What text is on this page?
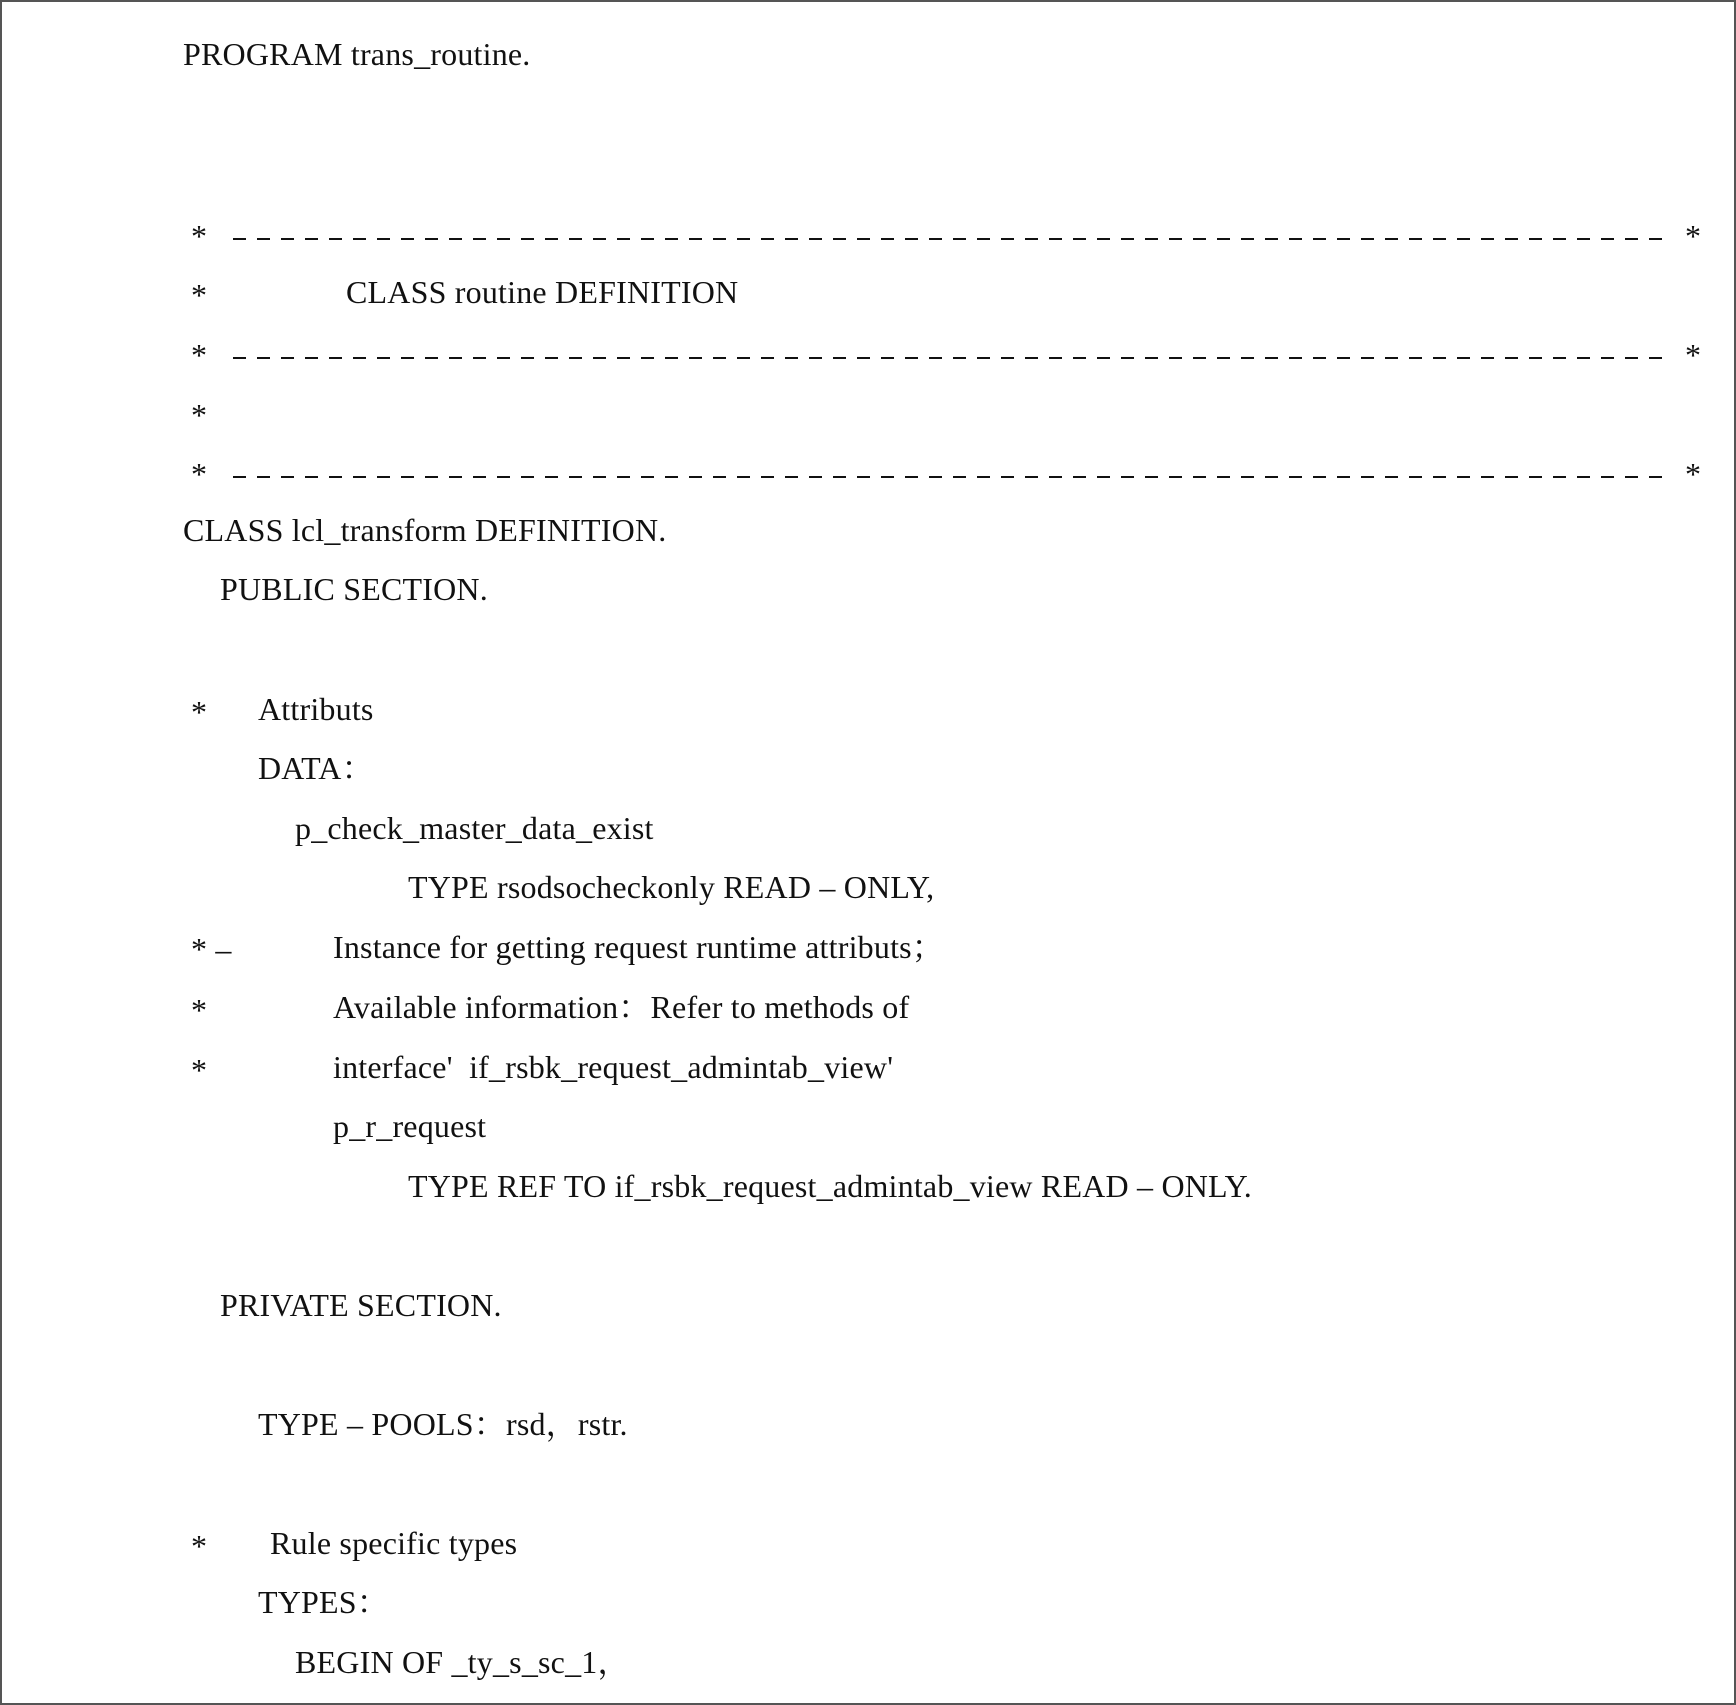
PROGRAM trans_routine.
*	*
*	CLASS routine DEFINITION
*	*
*
*	*
CLASS lcl_transform DEFINITION.
PUBLIC SECTION.
* Attributs
DATA：
p_check_master_data_exist
TYPE rsodsocheckonly READ – ONLY,
* –	Instance for getting request runtime attributs；
*	Available information：Refer to methods of
*	interface'  if_rsbk_request_admintab_view'
p_r_request
TYPE REF TO if_rsbk_request_admintab_view READ – ONLY.
PRIVATE SECTION.
TYPE – POOLS：rsd，rstr.
* Rule specific types
TYPES：
BEGIN OF _ty_s_sc_1，
